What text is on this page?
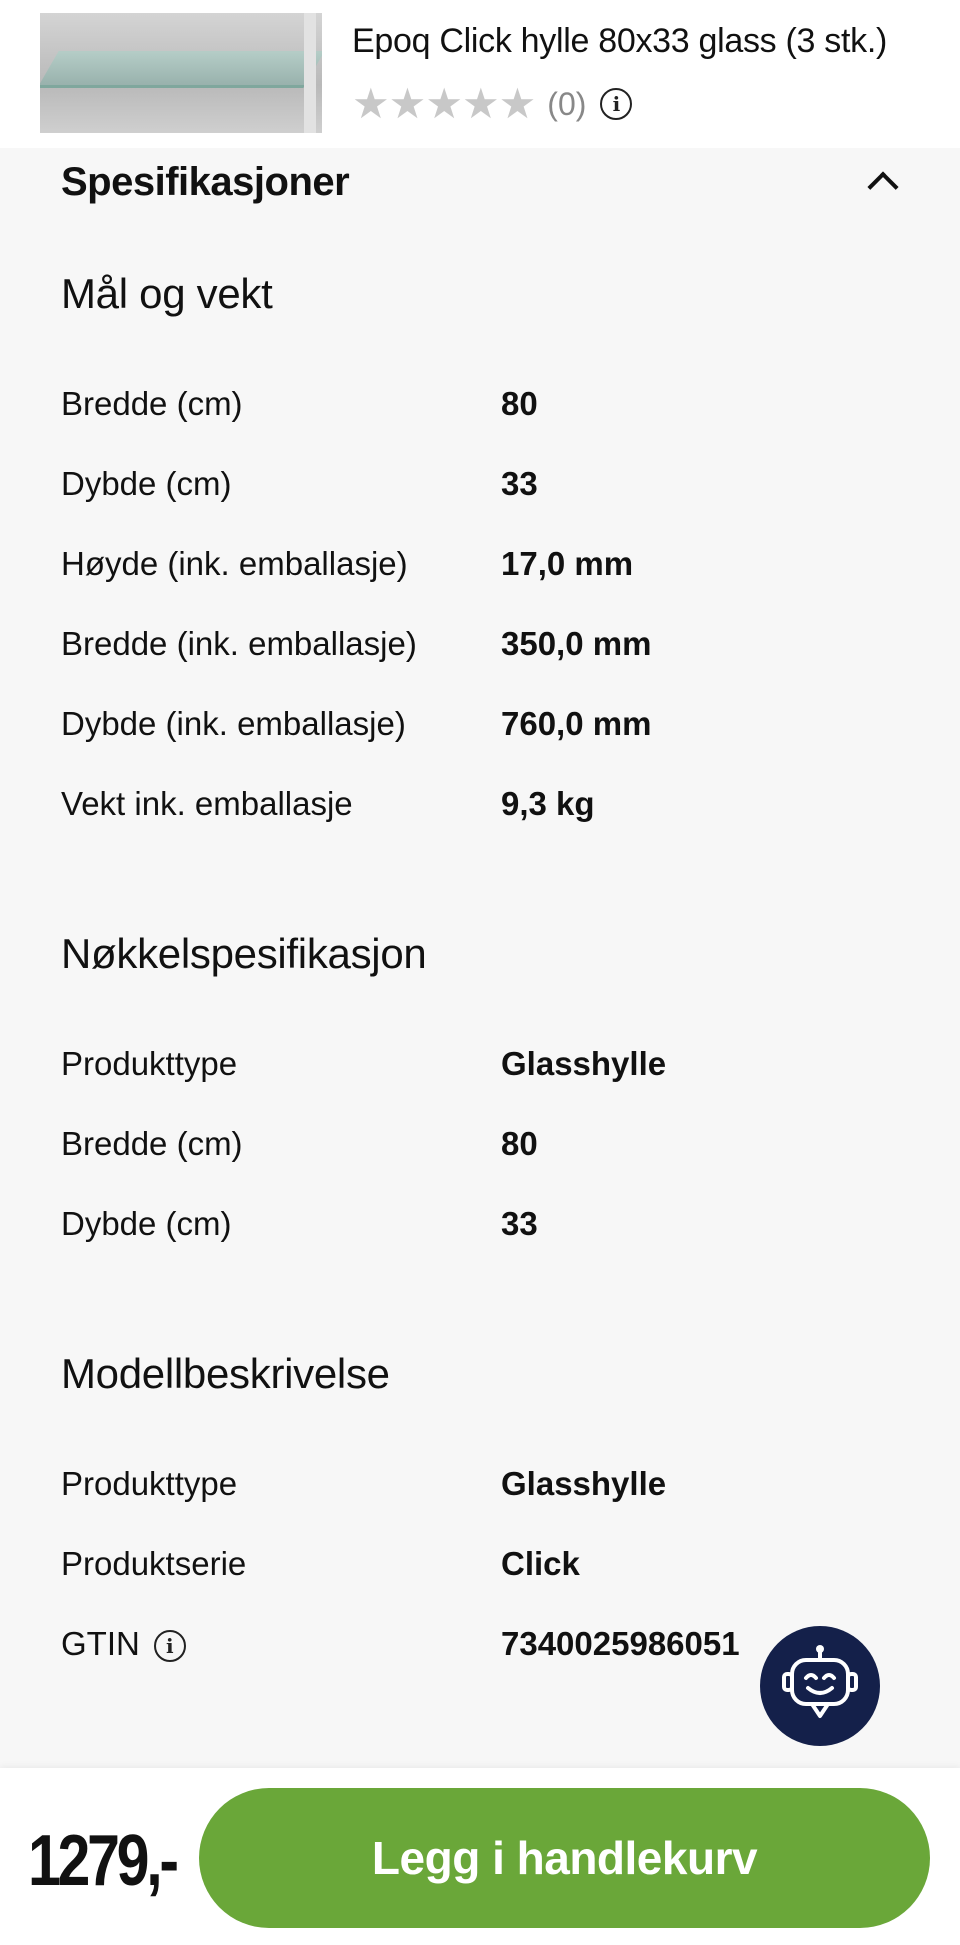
Epoq Click hylle 80x33 glass (3 stk.)
★ ★ ★ ★ ★ (0)	i
Spesifikasjoner
Mål og vekt
Bredde (cm)	80
Dybde (cm)	33
Høyde (ink. emballasje)	17,0 mm
Bredde (ink. emballasje)	350,0 mm
Dybde (ink. emballasje)	760,0 mm
Vekt ink. emballasje	9,3 kg
Nøkkelspesifikasjon
Produkttype	Glasshylle
Bredde (cm)	80
Dybde (cm)	33
Modellbeskrivelse
Produkttype	Glasshylle
Produktserie	Click
GTIN i	7340025986051
1279,-	Legg i handlekurv
